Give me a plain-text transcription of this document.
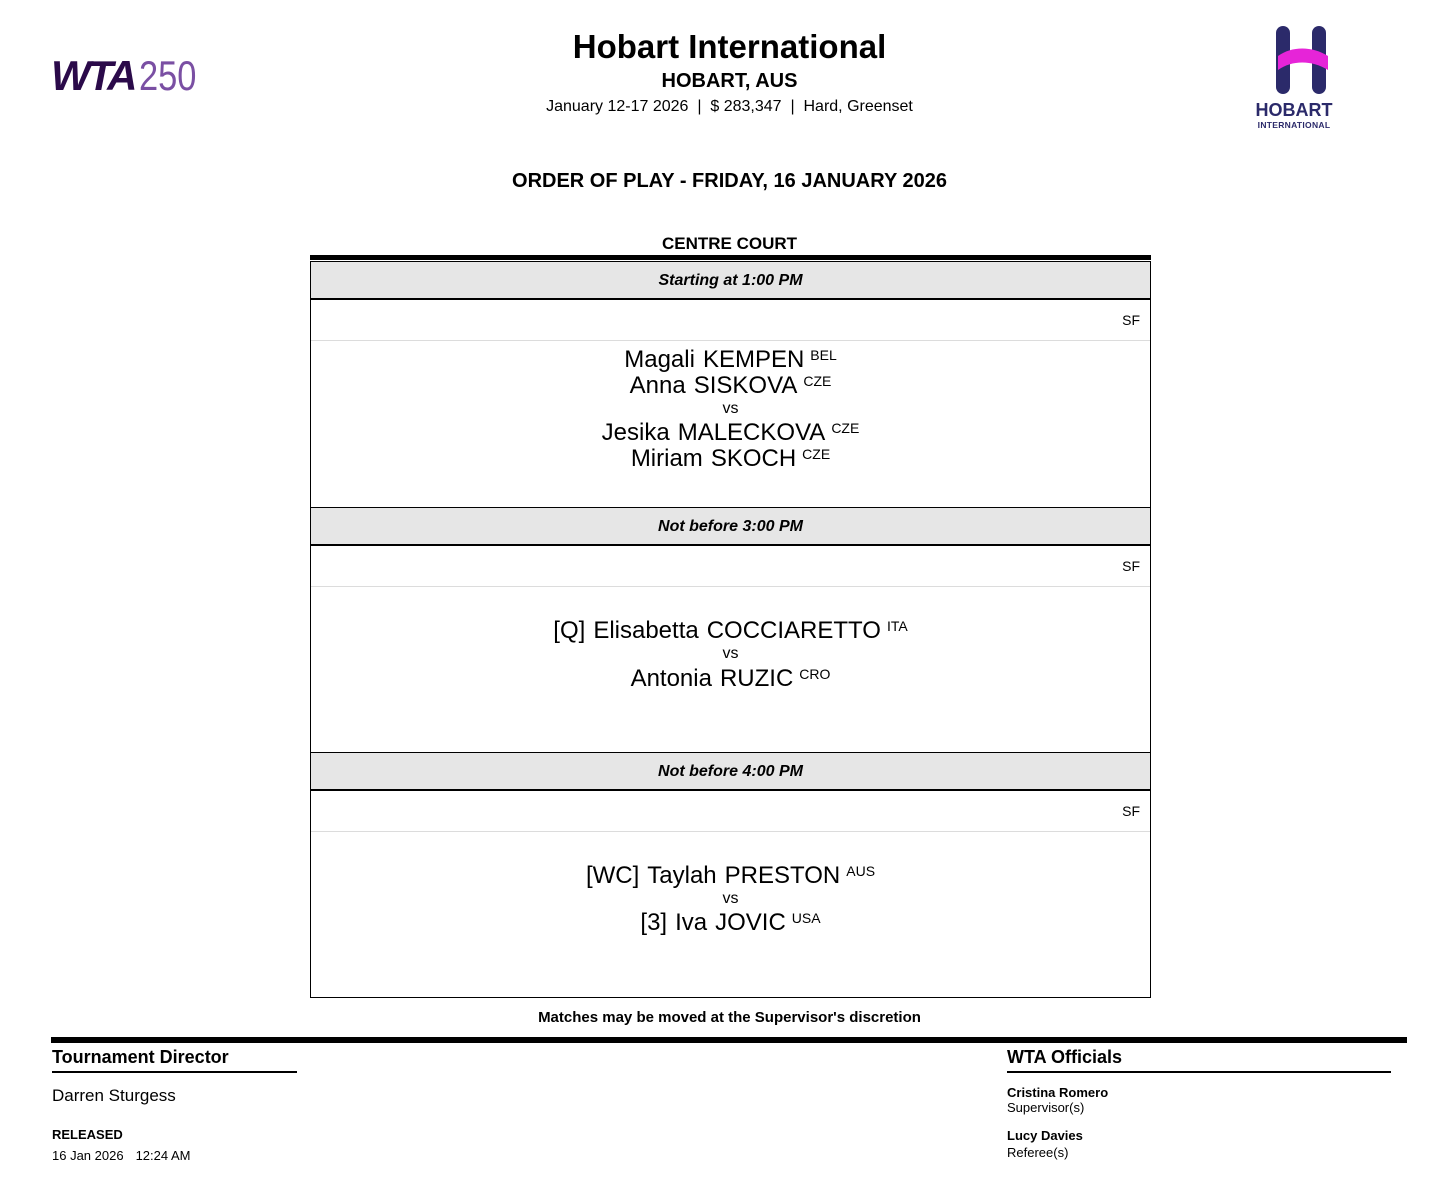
WTA 250
Hobart International
HOBART, AUS
January 12-17 2026  |  $ 283,347  |  Hard, Greenset	HOBART
INTERNATIONAL
ORDER OF PLAY - FRIDAY, 16 JANUARY 2026
CENTRE COURT
Starting at 1:00 PM
SF
Magali KEMPEN $^{BEL}$
Anna SISKOVA $^{CZE}$
vs
Jesika MALECKOVA $^{CZE}$
Miriam SKOCH $^{CZE}$
Not before 3:00 PM
SF
[Q] Elisabetta COCCIARETTO $^{ITA}$
vs
Antonia RUZIC $^{CRO}$
Not before 4:00 PM
SF
[WC] Taylah PRESTON $^{AUS}$
vs
[3] Iva JOVIC $^{USA}$
Matches may be moved at the Supervisor's discretion
Tournament Director
Darren Sturgess
RELEASED
16 Jan 2026 12:24 AM
WTA Officials
Cristina Romero
Supervisor(s)
Lucy Davies
Referee(s)
